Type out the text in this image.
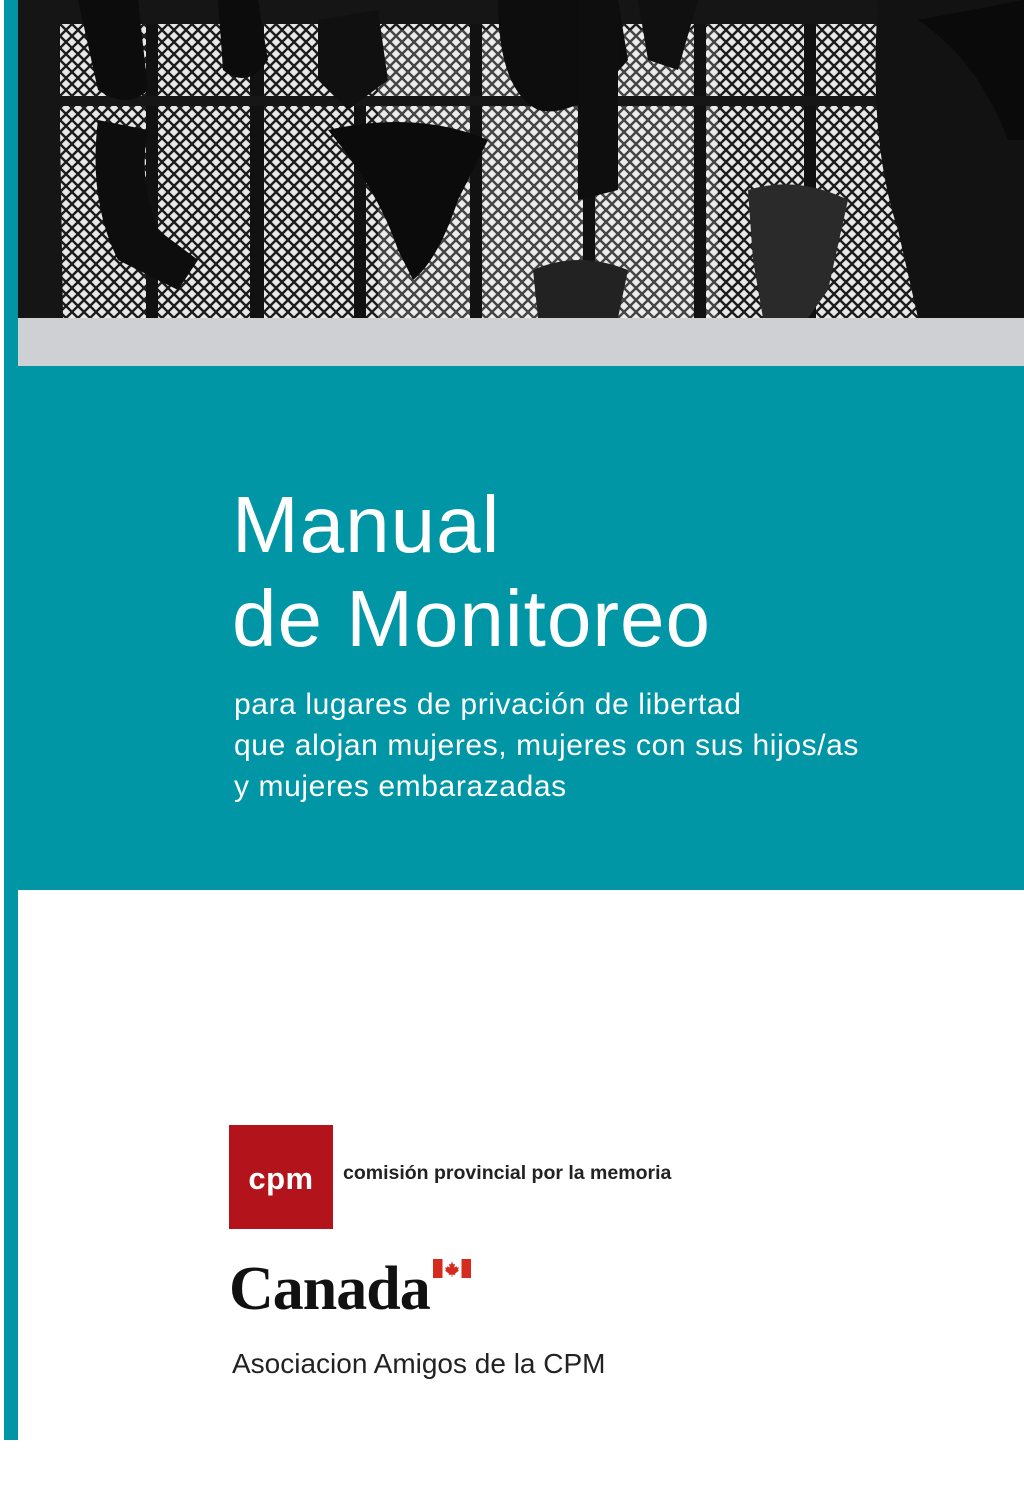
Manual
de Monitoreo

para lugares de privación de libertad
que alojan mujeres, mujeres con sus hijos/as
y mujeres embarazadas

cpm comisión provincial por la memoria
Canada
Asociacion Amigos de la CPM
